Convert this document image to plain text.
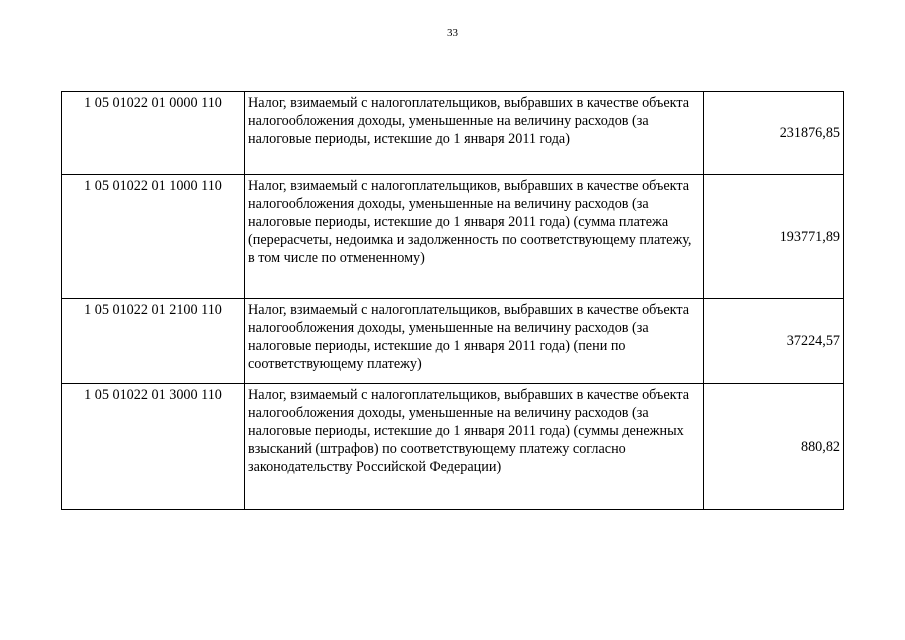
33
1 05 01022 01 0000 110	Налог, взимаемый с налогоплательщиков, выбравших в качестве объекта налогообложения доходы, уменьшенные на величину расходов (за налоговые периоды, истекшие до 1 января 2011 года)	231876,85
1 05 01022 01 1000 110	Налог, взимаемый с налогоплательщиков, выбравших в качестве объекта налогообложения доходы, уменьшенные на величину расходов (за налоговые периоды, истекшие до 1 января 2011 года) (сумма платежа (перерасчеты, недоимка и задолженность по соответствующему платежу, в том числе по отмененному)	193771,89
1 05 01022 01 2100 110	Налог, взимаемый с налогоплательщиков, выбравших в качестве объекта налогообложения доходы, уменьшенные на величину расходов (за налоговые периоды, истекшие до 1 января 2011 года) (пени по соответствующему платежу)	37224,57
1 05 01022 01 3000 110	Налог, взимаемый с налогоплательщиков, выбравших в качестве объекта налогообложения доходы, уменьшенные на величину расходов (за налоговые периоды, истекшие до 1 января 2011 года) (суммы денежных взысканий (штрафов) по соответствующему платежу согласно законодательству Российской Федерации)	880,82
